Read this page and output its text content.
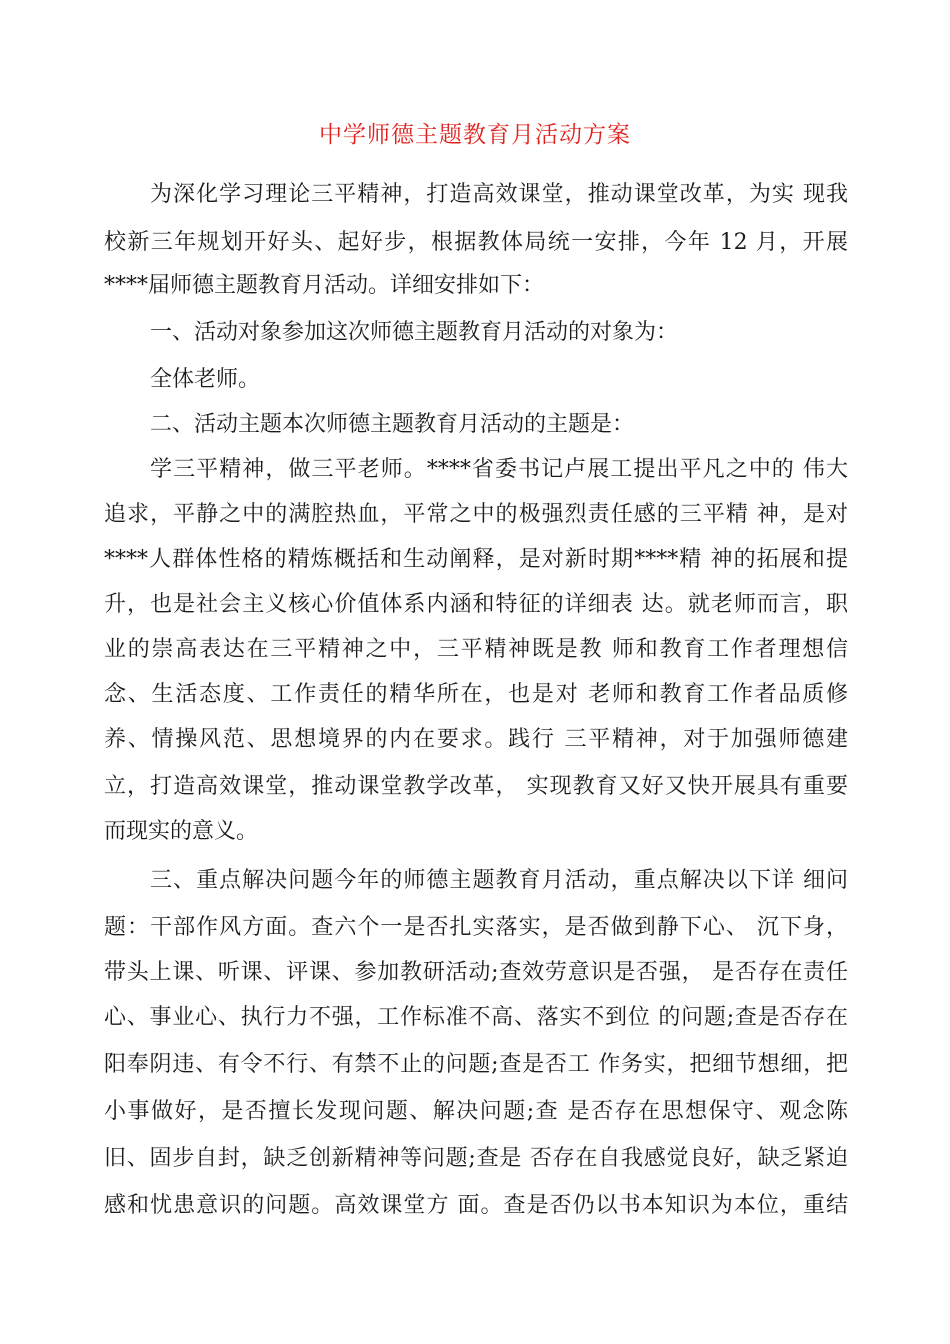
中学师德主题教育月活动方案

为深化学习理论三平精神，打造高效课堂，推动课堂改革，为实 现我

校新三年规划开好头、起好步，根据教体局统一安排，今年 12 月，开展

****届师德主题教育月活动。详细安排如下：

一、活动对象参加这次师德主题教育月活动的对象为：

全体老师。

二、活动主题本次师德主题教育月活动的主题是：

学三平精神，做三平老师。****省委书记卢展工提出平凡之中的 伟大

追求，平静之中的满腔热血，平常之中的极强烈责任感的三平精 神，是对

****人群体性格的精炼概括和生动阐释，是对新时期****精 神的拓展和提

升，也是社会主义核心价值体系内涵和特征的详细表 达。就老师而言，职

业的崇高表达在三平精神之中，三平精神既是教 师和教育工作者理想信

念、生活态度、工作责任的精华所在，也是对 老师和教育工作者品质修

养、情操风范、思想境界的内在要求。践行 三平精神，对于加强师德建

立，打造高效课堂，推动课堂教学改革， 实现教育又好又快开展具有重要

而现实的意义。

三、重点解决问题今年的师德主题教育月活动，重点解决以下详 细问

题：干部作风方面。查六个一是否扎实落实，是否做到静下心、 沉下身，

带头上课、听课、评课、参加教研活动;查效劳意识是否强， 是否存在责任

心、事业心、执行力不强，工作标准不高、落实不到位 的问题;查是否存在

阳奉阴违、有令不行、有禁不止的问题;查是否工 作务实，把细节想细，把

小事做好，是否擅长发现问题、解决问题;查 是否存在思想保守、观念陈

旧、固步自封，缺乏创新精神等问题;查是 否存在自我感觉良好，缺乏紧迫

感和忧患意识的问题。高效课堂方 面。查是否仍以书本知识为本位，重结
